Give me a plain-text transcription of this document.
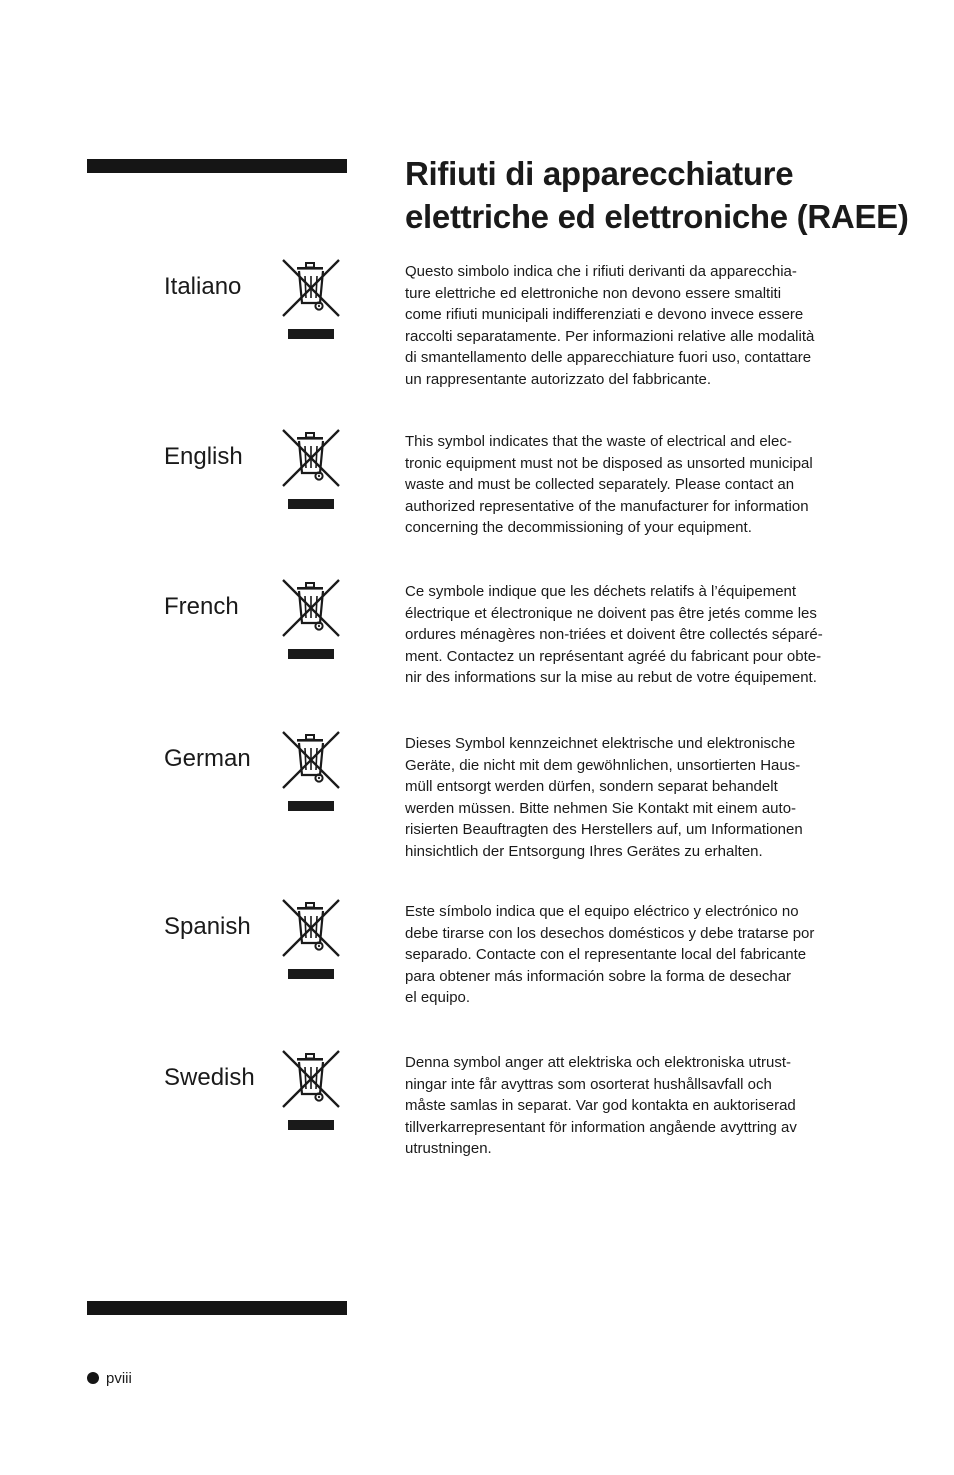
Rifiuti di apparecchiature
elettriche ed elettroniche (RAEE)
Italiano

Questo simbolo indica che i rifiuti derivanti da apparecchia-
ture elettriche ed elettroniche non devono essere smaltiti
come rifiuti municipali indifferenziati e devono invece essere
raccolti separatamente. Per informazioni relative alle modalità
di smantellamento delle apparecchiature fuori uso, contattare
un rappresentante autorizzato del fabbricante.

English

This symbol indicates that the waste of electrical and elec-
tronic equipment must not be disposed as unsorted municipal
waste and must be collected separately. Please contact an
authorized representative of the manufacturer for information
concerning the decommissioning of your equipment.

French

Ce symbole indique que les déchets relatifs à l’équipement
électrique et électronique ne doivent pas être jetés comme les
ordures ménagères non-triées et doivent être collectés séparé-
ment. Contactez un représentant agréé du fabricant pour obte-
nir des informations sur la mise au rebut de votre équipement.

German

Dieses Symbol kennzeichnet elektrische und elektronische
Geräte, die nicht mit dem gewöhnlichen, unsortierten Haus-
müll entsorgt werden dürfen, sondern separat behandelt
werden müssen. Bitte nehmen Sie Kontakt mit einem auto-
risierten Beauftragten des Herstellers auf, um Informationen
hinsichtlich der Entsorgung Ihres Gerätes zu erhalten.

Spanish

Este símbolo indica que el equipo eléctrico y electrónico no
debe tirarse con los desechos domésticos y debe tratarse por
separado. Contacte con el representante local del fabricante
para obtener más información sobre la forma de desechar
el equipo.

Swedish

Denna symbol anger att elektriska och elektroniska utrust-
ningar inte får avyttras som osorterat hushållsavfall och
måste samlas in separat. Var god kontakta en auktoriserad
tillverkarrepresentant för information angående avyttring av
utrustningen.

pviii
